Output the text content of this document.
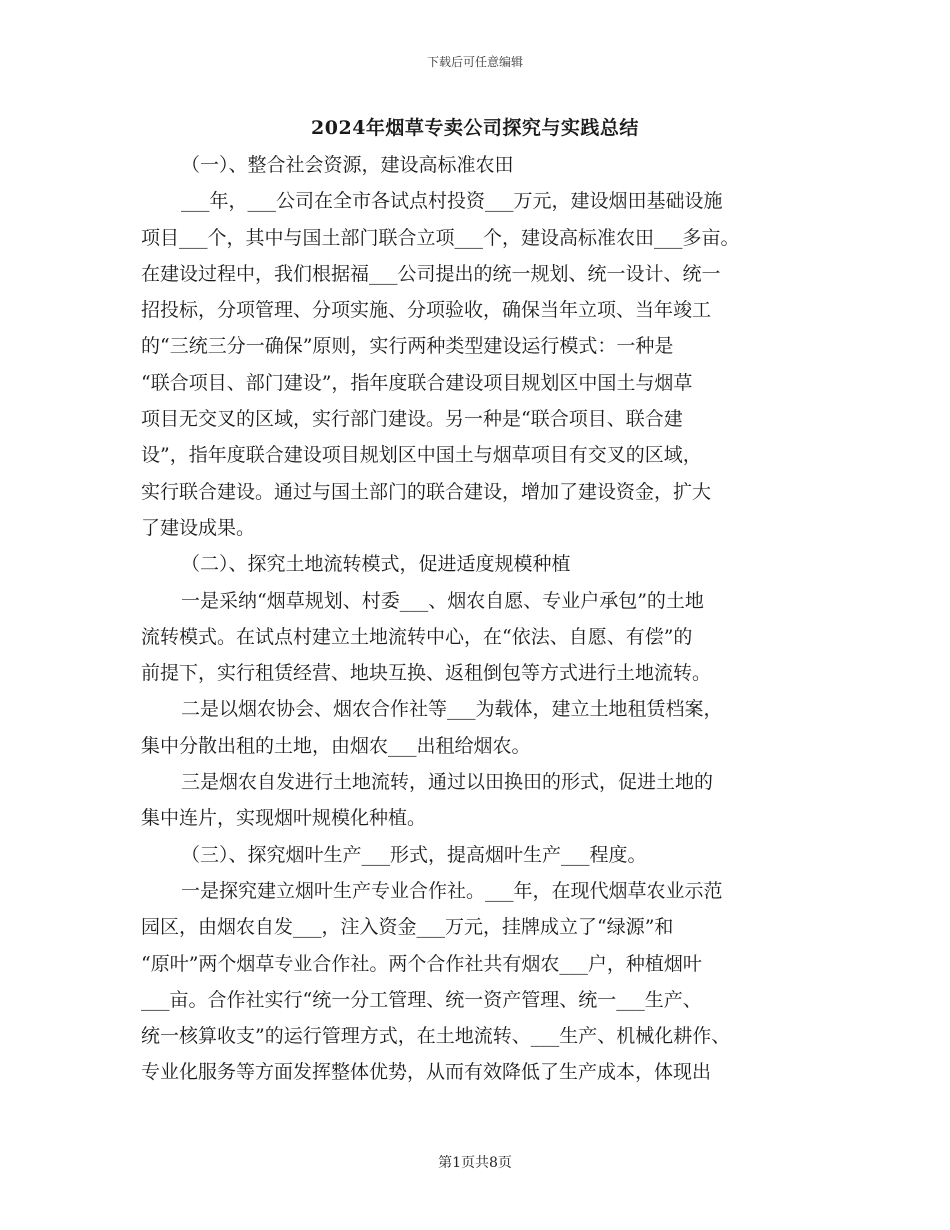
下载后可任意编辑
2024年烟草专卖公司探究与实践总结
（一）、整合社会资源，建设高标准农田
___年，___公司在全市各试点村投资___万元，建设烟田基础设施
项目___个，其中与国土部门联合立项___个，建设高标准农田___多亩。
在建设过程中，我们根据福___公司提出的统一规划、统一设计、统一
招投标，分项管理、分项实施、分项验收，确保当年立项、当年竣工
的“三统三分一确保”原则，实行两种类型建设运行模式：一种是
“联合项目、部门建设”，指年度联合建设项目规划区中国土与烟草
项目无交叉的区域，实行部门建设。另一种是“联合项目、联合建
设”，指年度联合建设项目规划区中国土与烟草项目有交叉的区域，
实行联合建设。通过与国土部门的联合建设，增加了建设资金，扩大
了建设成果。
（二）、探究土地流转模式，促进适度规模种植
一是采纳“烟草规划、村委___、烟农自愿、专业户承包”的土地
流转模式。在试点村建立土地流转中心，在“依法、自愿、有偿”的
前提下，实行租赁经营、地块互换、返租倒包等方式进行土地流转。
二是以烟农协会、烟农合作社等___为载体，建立土地租赁档案，
集中分散出租的土地，由烟农___出租给烟农。
三是烟农自发进行土地流转，通过以田换田的形式，促进土地的
集中连片，实现烟叶规模化种植。
（三）、探究烟叶生产___形式，提高烟叶生产___程度。
一是探究建立烟叶生产专业合作社。___年，在现代烟草农业示范
园区，由烟农自发___，注入资金___万元，挂牌成立了“绿源”和
“原叶”两个烟草专业合作社。两个合作社共有烟农___户，种植烟叶
___亩。合作社实行“统一分工管理、统一资产管理、统一___生产、
统一核算收支”的运行管理方式，在土地流转、___生产、机械化耕作、
专业化服务等方面发挥整体优势，从而有效降低了生产成本，体现出
第1页共8页
